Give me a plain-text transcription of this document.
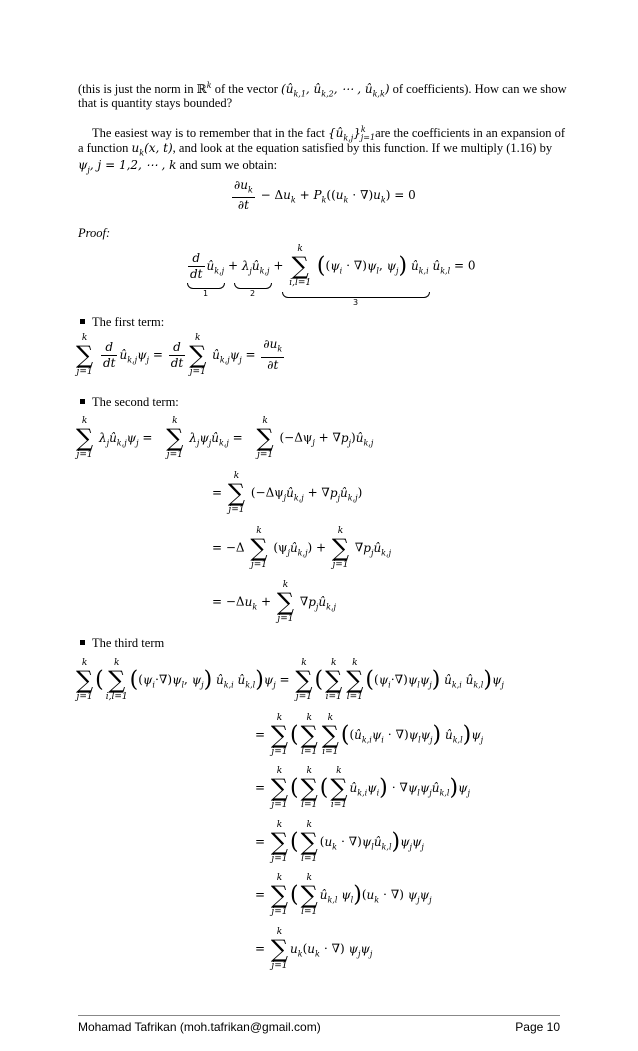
(this is just the norm in ℝ$^k$ of the vector ($û_{k,1}$, $û_{k,2}$, ⋯ , $û_{k,k}$) of coefficients). How can we show
that is quantity stays bounded?
The easiest way is to remember that in the fact $\{û_{k,j}\}^k_{j=1}are$ the coefficients in an expansion of
a function $u_k(x$, t), and look at the equation satisfied by this function. If we multiply (1.16) by
$\psi_j$, j = 1,2, ⋯ , k and sum we obtain:
$\frac{\partial u_k}{\partial t} - \Delta u_k + P_k((u_k \cdot \nabla)u_k) = 0$
Proof:
$\frac{d}{dt}$ $û_{k,j}$ + $\lambda_jû_{k,j}$ +
k
∑
i,l=1
($(\psi_i \cdot \nabla)\psi_l$, $\psi_j$) $û_{k,i}$ $û_{k,l} = 0$
1	2
3
The first term:
k
∑
j=1

$\frac{d}{dt}$ $û_{k,j}\psi_j = \frac{d}{dt}$
k
∑
j=1
$û_{k,j}\psi_j = \frac{\partial u_k}{\partial t}$
The second term:
k
∑
j=1
$\lambda_jû_{k,j}\psi_j$ =
k
∑
j=1
$\lambda_j\psi_jû_{k,j}$ =
k
∑
j=1
($-\Delta\psi_j$ + $\nabla p_j)û_{k,j}$
=
k
∑
j=1
($-\Delta\psi_jû_{k,j}$ + $\nabla p_jû_{k,j}$)
= −Δ
k
∑
j=1
$(\psi_jû_{k,j})$ +
k
∑
j=1
$\nabla p_jû_{k,j}$
= $-\Delta u_k$ +
k
∑
j=1
$\nabla p_jû_{k,j}$
The third term
k
∑
j=1
(
k
∑
i,l=1
($(\psi_i\cdot\nabla)\psi_l$, $\psi_j$) $û_{k,i}$ $û_{k,l})\psi_j$ =
k
∑
j=1
(
k
∑
i=1
k
∑
l=1
$((\psi_i\cdot\nabla)\psi_l\psi_j)$ $û_{k,i}$ $û_{k,l})\psi_j$
=
k
∑
j=1
(
k
∑
l=1
k
∑
i=1
$((û_{k,i}\psi_i \cdot \nabla)\psi_l\psi_j)$ $û_{k,l})\psi_j$
=
k
∑
j=1
(
k
∑
l=1
(
k
∑
i=1
$û_{k,i}\psi_i$) ⋅ $\nabla\psi_l\psi_jû_{k,l})\psi_j$
=
k
∑
j=1
(
k
∑
l=1
($u_k$ ⋅ $\nabla)\psi_lû_{k,l})\psi_j\psi_j$
=
k
∑
j=1
(
k
∑
l=1
$û_{k,l}$ $\psi_l)(u_k$ ⋅ ∇) $\psi_j\psi_j$
=
k
∑
j=1
$u_k(u_k$ ⋅ ∇) $\psi_j\psi_j$
Mohamad Tafrikan (moh.tafrikan@gmail.com)	Page 10
